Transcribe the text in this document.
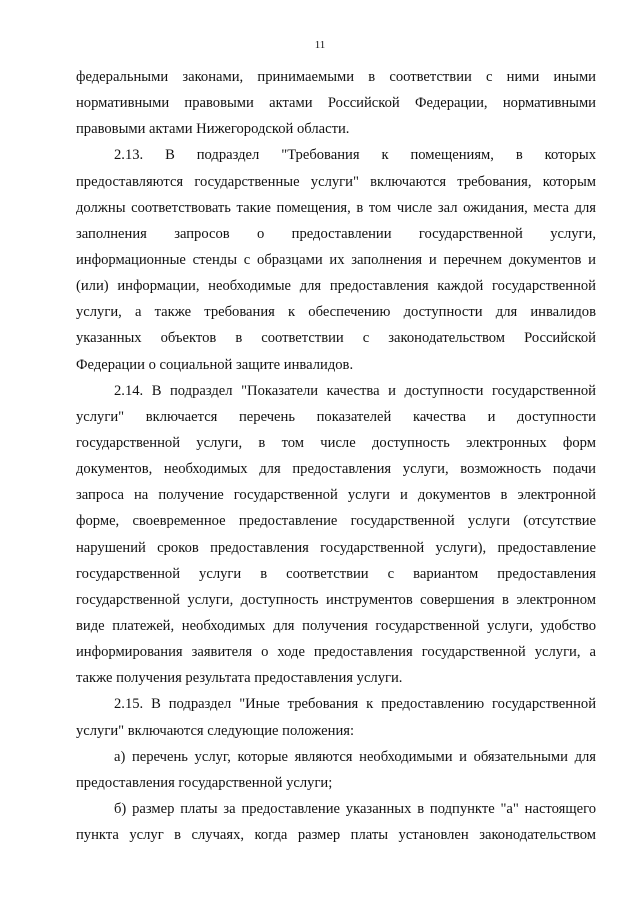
11
федеральными законами, принимаемыми в соответствии с ними иными
нормативными правовыми актами Российской Федерации, нормативными
правовыми актами Нижегородской области.
2.13. В подраздел "Требования к помещениям, в которых
предоставляются государственные услуги" включаются требования, которым
должны соответствовать такие помещения, в том числе зал ожидания, места для
заполнения запросов о предоставлении государственной услуги,
информационные стенды с образцами их заполнения и перечнем документов и
(или) информации, необходимые для предоставления каждой государственной
услуги, а также требования к обеспечению доступности для инвалидов
указанных объектов в соответствии с законодательством Российской
Федерации о социальной защите инвалидов.
2.14. В подраздел "Показатели качества и доступности государственной
услуги" включается перечень показателей качества и доступности
государственной услуги, в том числе доступность электронных форм
документов, необходимых для предоставления услуги, возможность подачи
запроса на получение государственной услуги и документов в электронной
форме, своевременное предоставление государственной услуги (отсутствие
нарушений сроков предоставления государственной услуги), предоставление
государственной услуги в соответствии с вариантом предоставления
государственной услуги, доступность инструментов совершения в электронном
виде платежей, необходимых для получения государственной услуги, удобство
информирования заявителя о ходе предоставления государственной услуги, а
также получения результата предоставления услуги.
2.15. В подраздел "Иные требования к предоставлению государственной
услуги" включаются следующие положения:
а) перечень услуг, которые являются необходимыми и обязательными для
предоставления государственной услуги;
б) размер платы за предоставление указанных в подпункте "а" настоящего
пункта услуг в случаях, когда размер платы установлен законодательством
